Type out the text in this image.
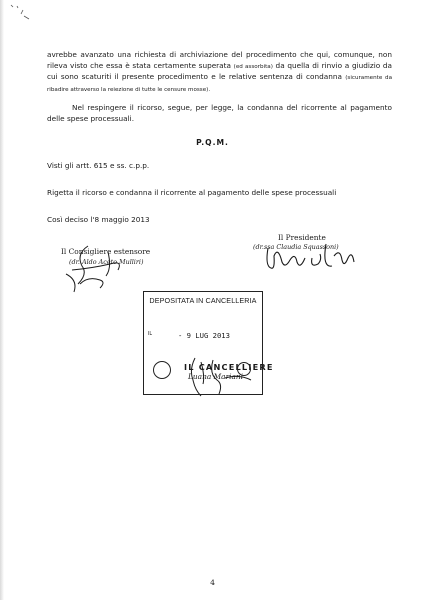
avrebbe avanzato una richiesta di archiviazione del procedimento che qui, comunque, non rileva visto che essa è stata certamente superata (ed assorbita) da quella di rinvio a giudizio da cui sono scaturiti il presente procedimento e le relative sentenza di condanna (sicuramente da ribadire attraverso la reiezione di tutte le censure mosse).
Nel respingere il ricorso, segue, per legge, la condanna del ricorrente al pagamento delle spese processuali.
P.Q.M.
Visti gli artt. 615 e ss. c.p.p.
Rigetta il ricorso e condanna il ricorrente al pagamento delle spese processuali
Così deciso l'8 maggio 2013
Il Presidente
(dr.ssa Claudia Squassoni)
Il Consigliere estensore
(dr. Aldo Aceto Mulliri)
DEPOSITATA IN CANCELLERIA
IL	- 9 LUG 2013
IL CANCELLIERE
Luana Mariani
4
